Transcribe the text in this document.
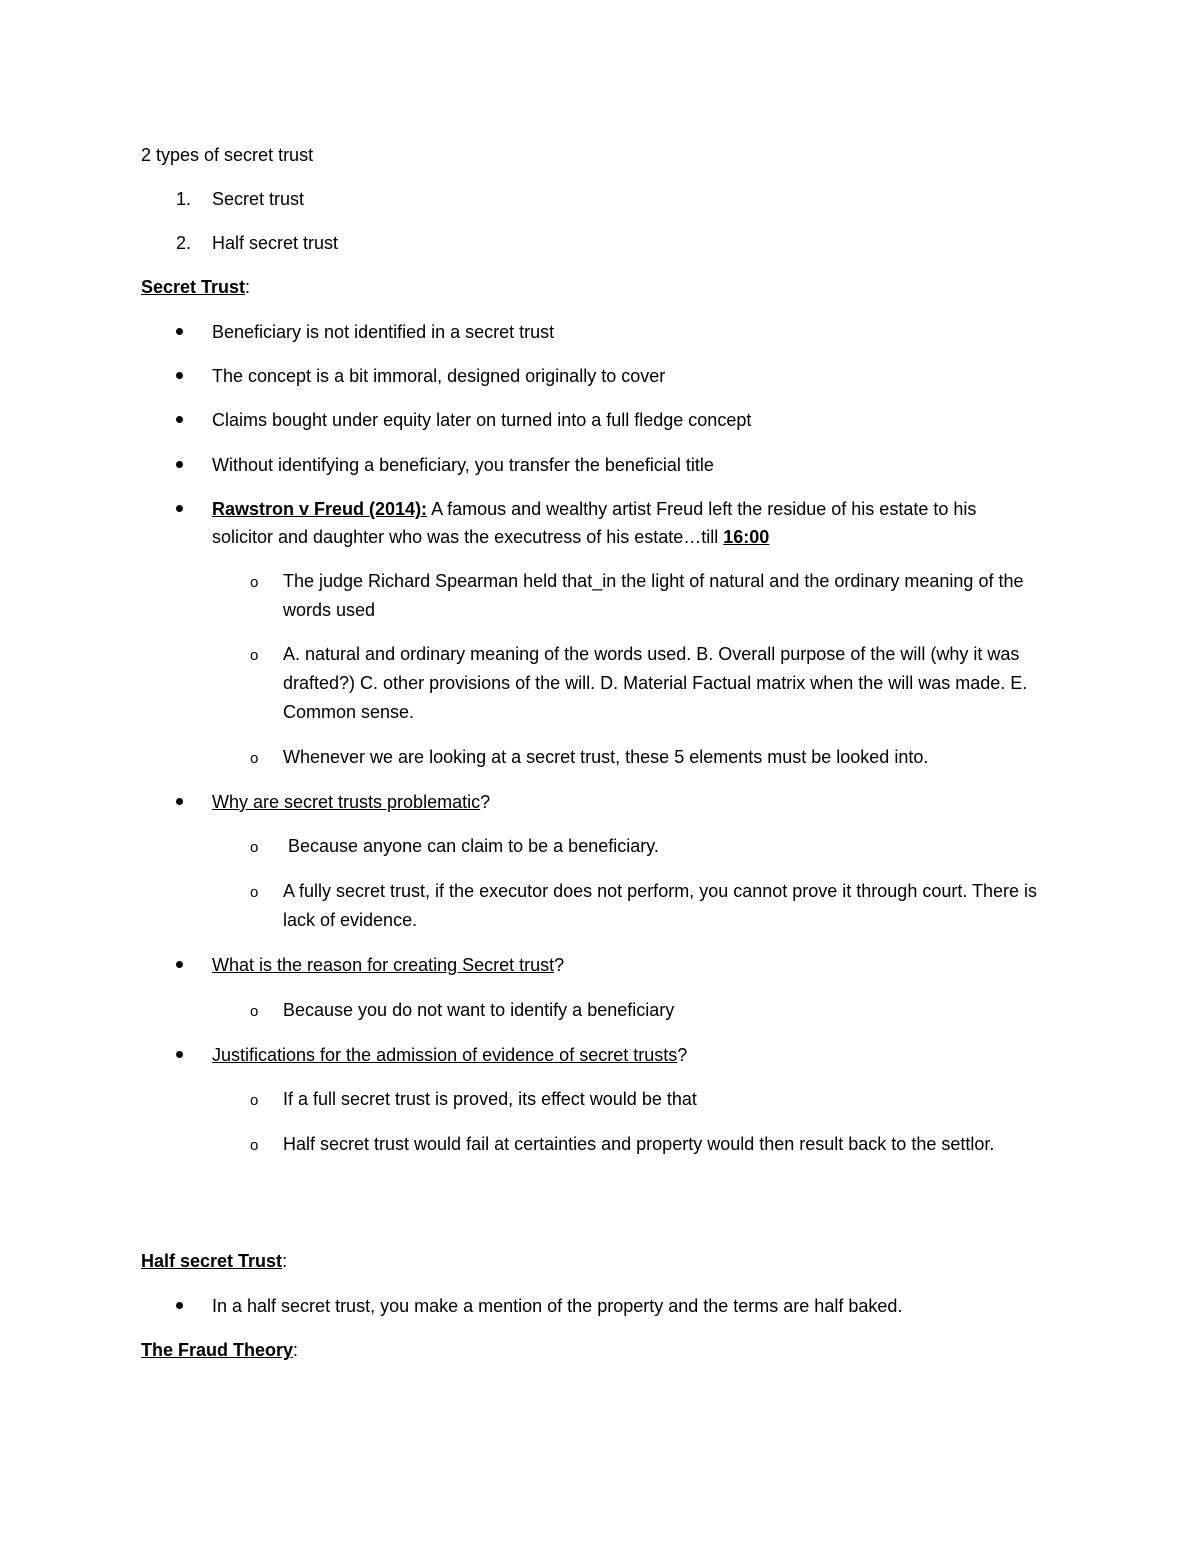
2 types of secret trust
1. Secret trust
2. Half secret trust
Secret Trust:
Beneficiary is not identified in a secret trust
The concept is a bit immoral, designed originally to cover
Claims bought under equity later on turned into a full fledge concept
Without identifying a beneficiary, you transfer the beneficial title
Rawstron v Freud (2014): A famous and wealthy artist Freud left the residue of his estate to his
solicitor and daughter who was the executress of his estate…till 16:00
o The judge Richard Spearman held that_in the light of natural and the ordinary meaning of the words used
o A. natural and ordinary meaning of the words used. B. Overall purpose of the will (why it was drafted?) C. other provisions of the will. D. Material Factual matrix when the will was made. E. Common sense.
o Whenever we are looking at a secret trust, these 5 elements must be looked into.
Why are secret trusts problematic?
o Because anyone can claim to be a beneficiary.
o A fully secret trust, if the executor does not perform, you cannot prove it through court. There is lack of evidence.
What is the reason for creating Secret trust?
o Because you do not want to identify a beneficiary
Justifications for the admission of evidence of secret trusts?
o If a full secret trust is proved, its effect would be that
o Half secret trust would fail at certainties and property would then result back to the settlor.
Half secret Trust:
In a half secret trust, you make a mention of the property and the terms are half baked.
The Fraud Theory:
